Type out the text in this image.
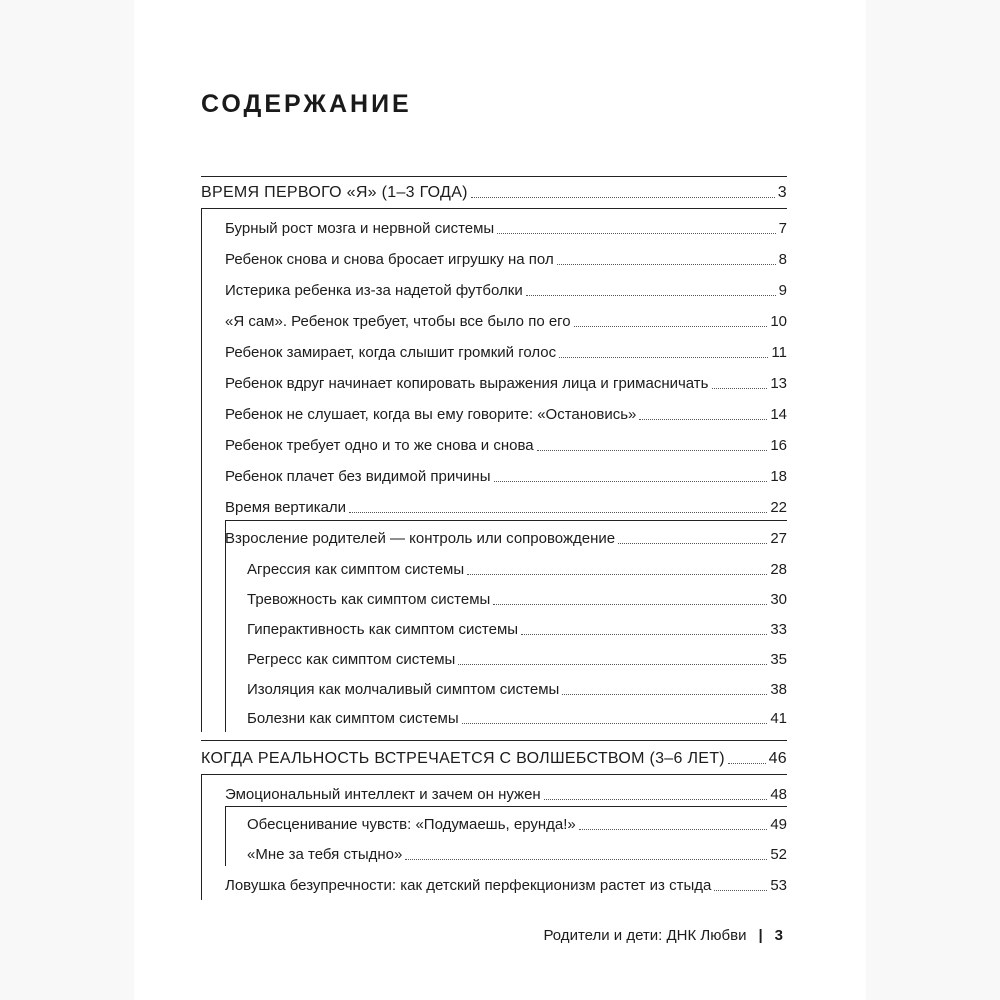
СОДЕРЖАНИЕ
ВРЕМЯ ПЕРВОГО «Я» (1–3 ГОДА)	3
Бурный рост мозга и нервной системы	7
Ребенок снова и снова бросает игрушку на пол	8
Истерика ребенка из-за надетой футболки	9
«Я сам». Ребенок требует, чтобы все было по его	10
Ребенок замирает, когда слышит громкий голос	11
Ребенок вдруг начинает копировать выражения лица и гримасничать	13
Ребенок не слушает, когда вы ему говорите: «Остановись»	14
Ребенок требует одно и то же снова и снова	16
Ребенок плачет без видимой причины	18
Время вертикали	22
Взросление родителей — контроль или сопровождение	27
Агрессия как симптом системы	28
Тревожность как симптом системы	30
Гиперактивность как симптом системы	33
Регресс как симптом системы	35
Изоляция как молчаливый симптом системы	38
Болезни как симптом системы	41
КОГДА РЕАЛЬНОСТЬ ВСТРЕЧАЕТСЯ С ВОЛШЕБСТВОМ (3–6 ЛЕТ)	46
Эмоциональный интеллект и зачем он нужен	48
Обесценивание чувств: «Подумаешь, ерунда!»	49
«Мне за тебя стыдно»	52
Ловушка безупречности: как детский перфекционизм растет из стыда	53
Родители и дети: ДНК Любви | 3
